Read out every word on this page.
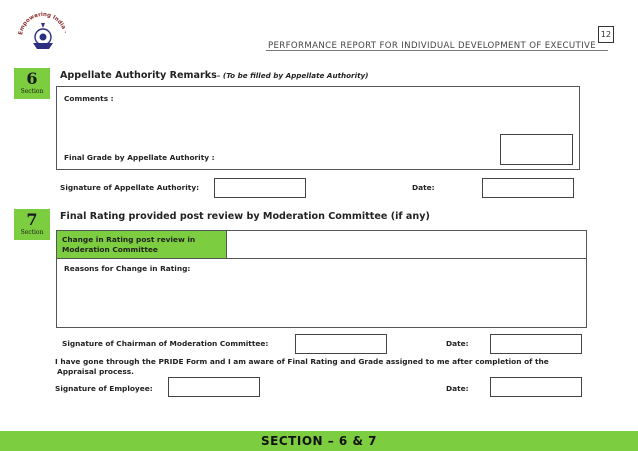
Empowering India ·
PERFORMANCE REPORT FOR INDIVIDUAL DEVELOPMENT OF EXECUTIVE
12
6
Section
Appellate Authority Remarks– (To be filled by Appellate Authority)
Comments :
Final Grade by Appellate Authority :
Signature of Appellate Authority:	Date:
7
Section
Final Rating provided post review by Moderation Committee (if any)
Change in Rating post review in
Moderation Committee
Reasons for Change in Rating:
Signature of Chairman of Moderation Committee:	Date:
I have gone through the PRIDE Form and I am aware of Final Rating and Grade assigned to me after completion of the
Appraisal process.
Signature of Employee:	Date:
SECTION – 6 & 7
